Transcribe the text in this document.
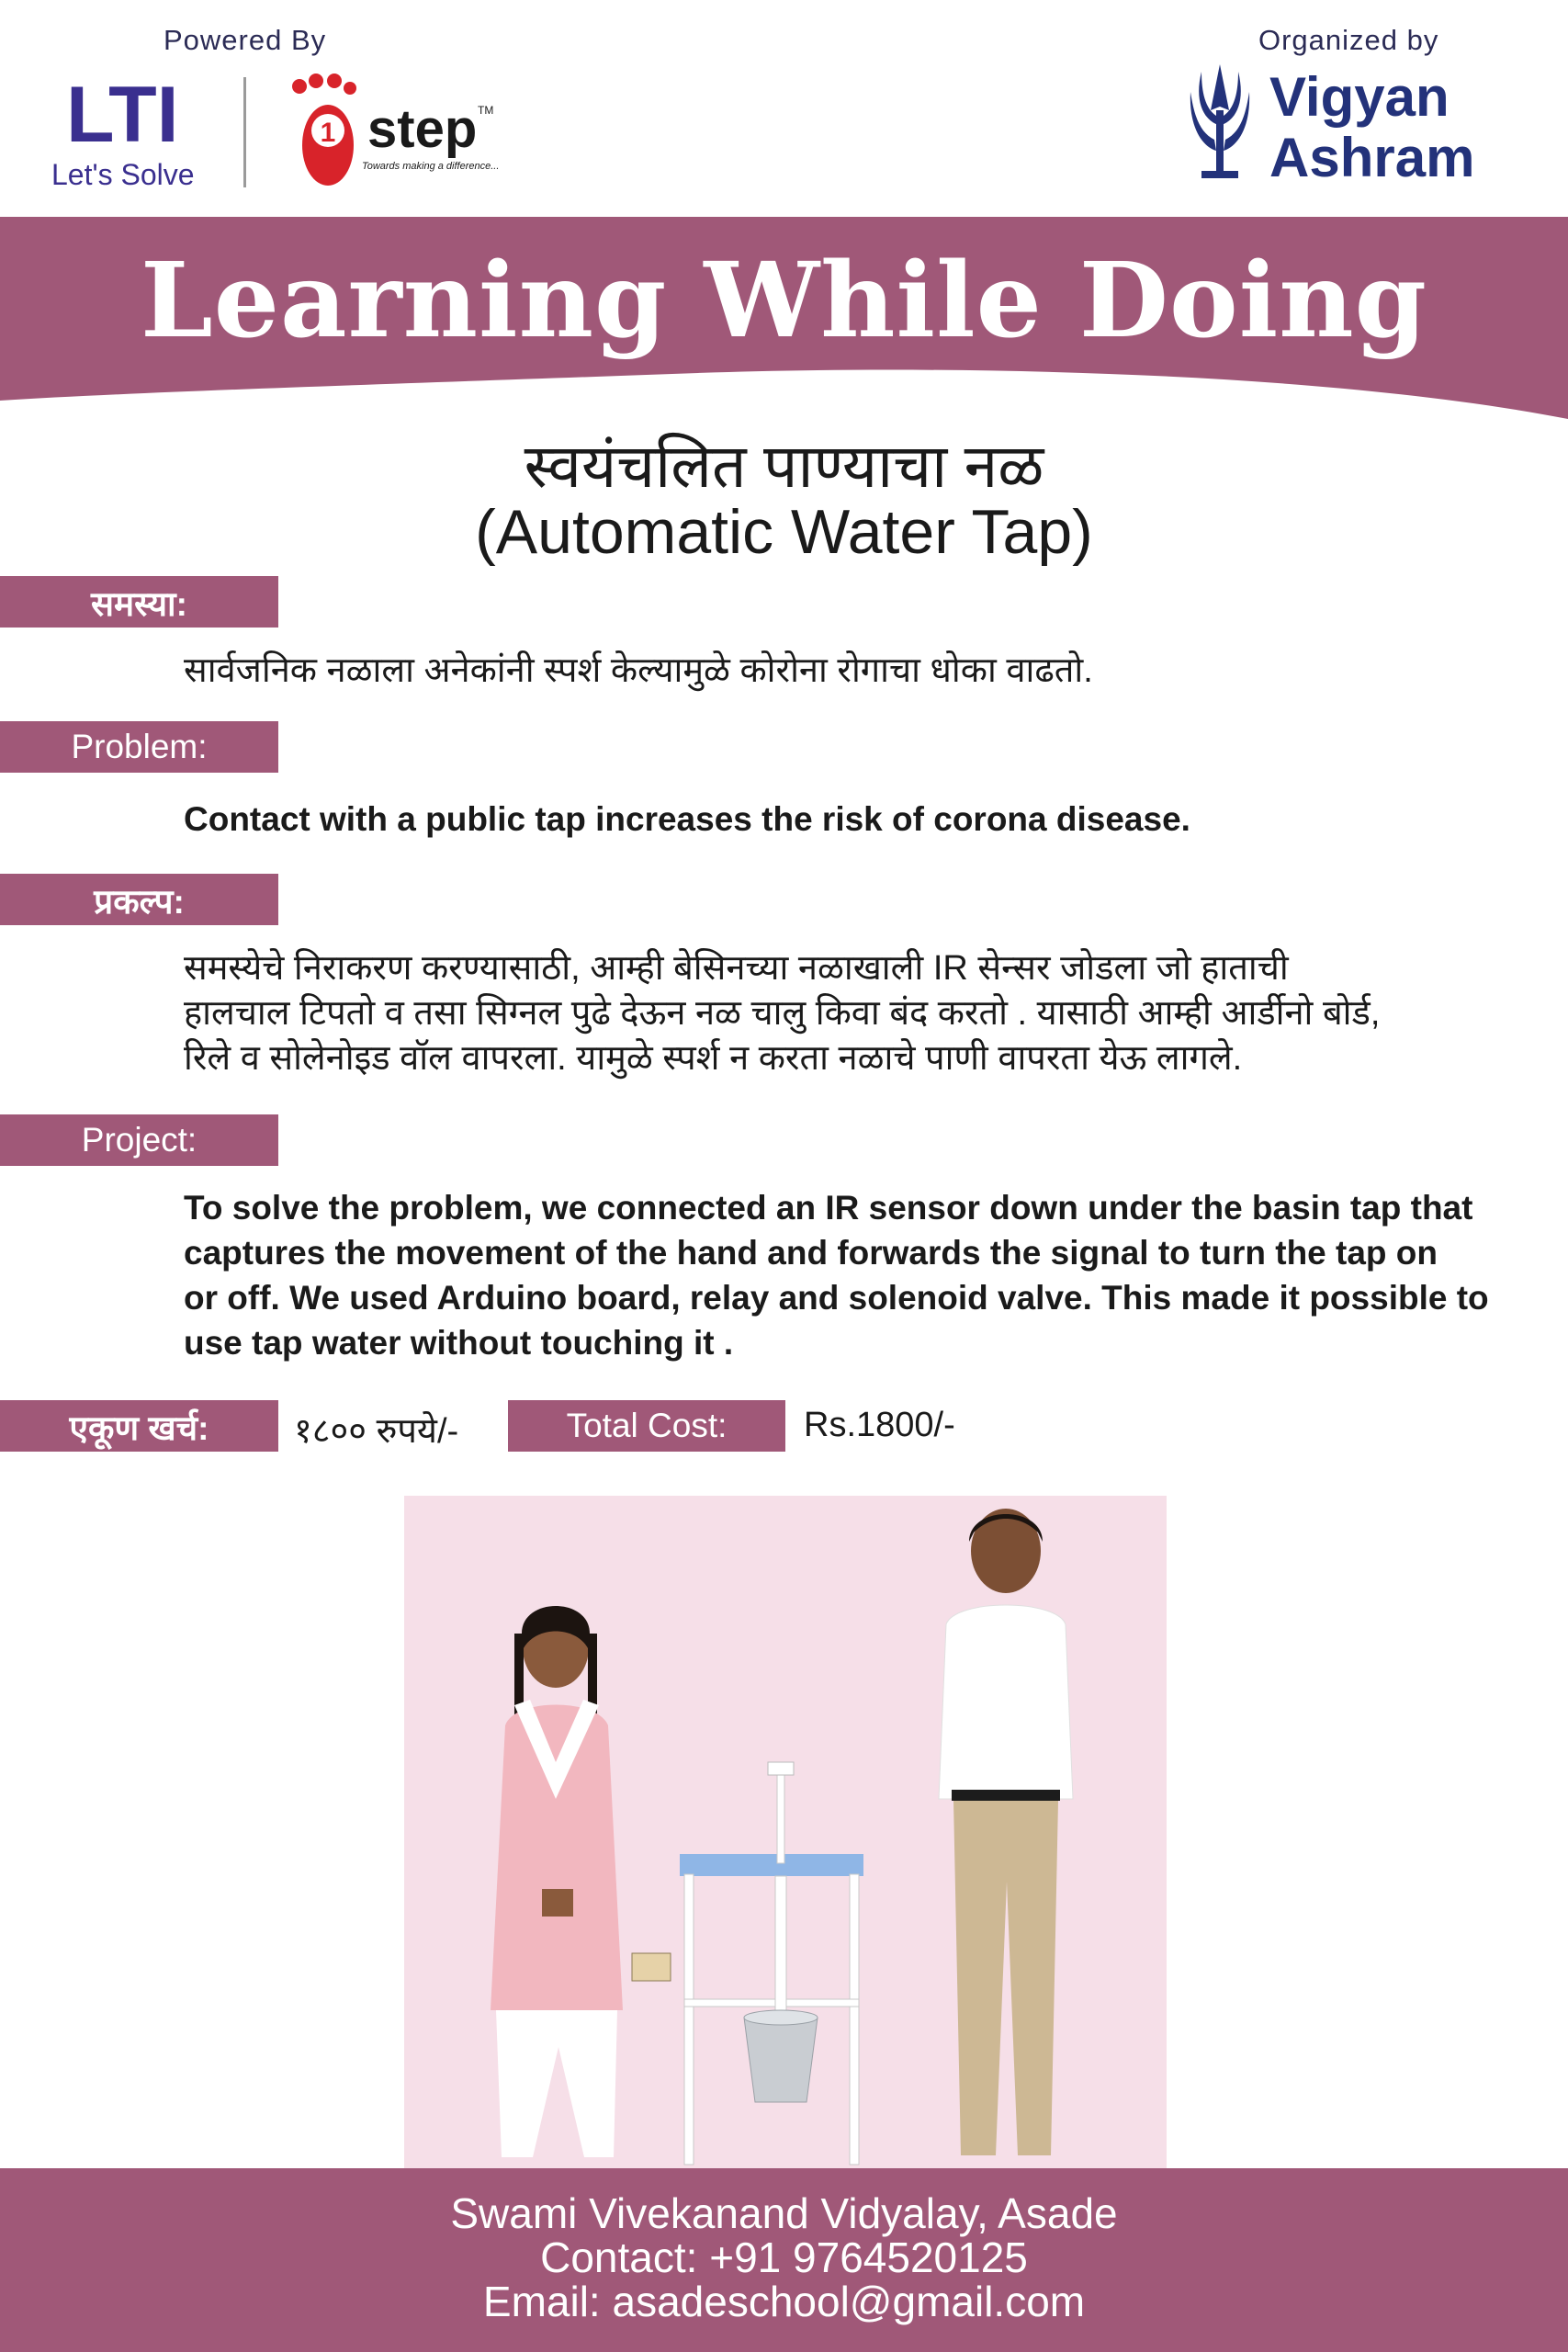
Powered By	Organized by
LTI
Let's Solve
1 step TM
Towards making a difference...
Vigyan
Ashram
Learning While Doing
स्वयंचलित पाण्याचा नळ
(Automatic Water Tap)
समस्या:
सार्वजनिक नळाला अनेकांनी स्पर्श केल्यामुळे कोरोना रोगाचा धोका वाढतो.
Problem:
Contact with a public tap increases the risk of corona disease.
प्रकल्प:
समस्येचे निराकरण करण्यासाठी, आम्ही बेसिनच्या नळाखाली IR सेन्सर जोडला जो हाताची
हालचाल टिपतो व तसा सिग्नल पुढे देऊन नळ चालु किवा बंद करतो . यासाठी आम्ही आर्डीनो बोर्ड,
रिले व सोलेनोइड वॉल वापरला. यामुळे स्पर्श न करता नळाचे पाणी वापरता येऊ लागले.
Project:
To solve the problem, we connected an IR sensor down under the basin tap that
captures the movement of the hand and forwards the signal to turn the tap on
or off. We used Arduino board, relay and solenoid valve. This made it possible to
use tap water without touching it .
एकूण खर्च:	१८०० रुपये/-	Total Cost:	Rs.1800/-
Swami Vivekanand Vidyalay, Asade
Contact: +91 9764520125
Email: asadeschool@gmail.com
